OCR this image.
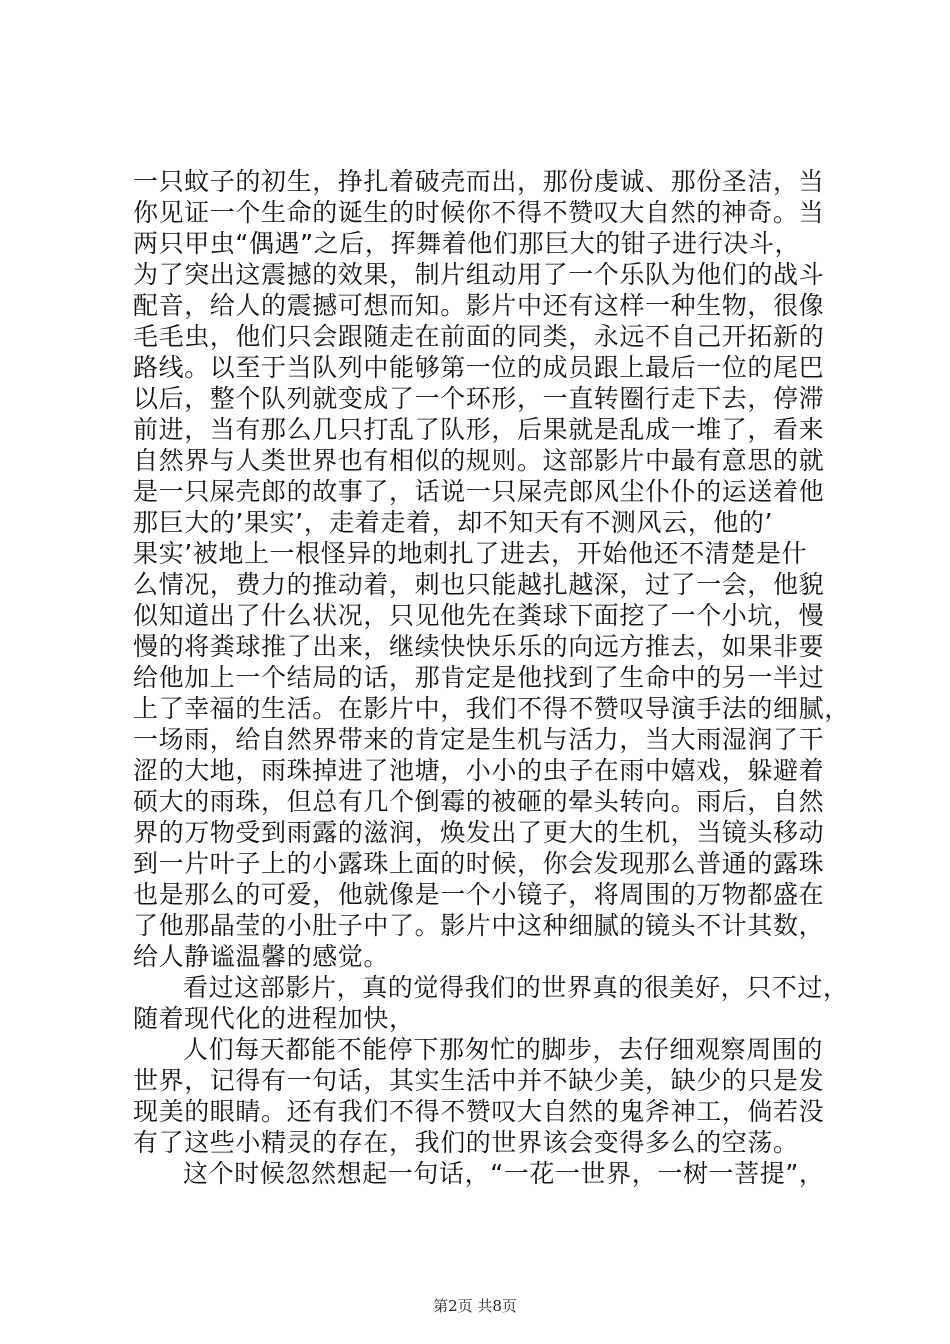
一只蚊子的初生，挣扎着破壳而出，那份虔诚、那份圣洁，当
你见证一个生命的诞生的时候你不得不赞叹大自然的神奇。当
两只甲虫“偶遇”之后，挥舞着他们那巨大的钳子进行决斗，
为了突出这震撼的效果，制片组动用了一个乐队为他们的战斗
配音，给人的震撼可想而知。影片中还有这样一种生物，很像
毛毛虫，他们只会跟随走在前面的同类，永远不自己开拓新的
路线。以至于当队列中能够第一位的成员跟上最后一位的尾巴
以后，整个队列就变成了一个环形，一直转圈行走下去，停滞
前进，当有那么几只打乱了队形，后果就是乱成一堆了，看来
自然界与人类世界也有相似的规则。这部影片中最有意思的就
是一只屎壳郎的故事了，话说一只屎壳郎风尘仆仆的运送着他
那巨大的’果实’，走着走着，却不知天有不测风云，他的’
果实’被地上一根怪异的地刺扎了进去，开始他还不清楚是什
么情况，费力的推动着，刺也只能越扎越深，过了一会，他貌
似知道出了什么状况，只见他先在粪球下面挖了一个小坑，慢
慢的将粪球推了出来，继续快快乐乐的向远方推去，如果非要
给他加上一个结局的话，那肯定是他找到了生命中的另一半过
上了幸福的生活。在影片中，我们不得不赞叹导演手法的细腻，
一场雨，给自然界带来的肯定是生机与活力，当大雨湿润了干
涩的大地，雨珠掉进了池塘，小小的虫子在雨中嬉戏，躲避着
硕大的雨珠，但总有几个倒霉的被砸的晕头转向。雨后，自然
界的万物受到雨露的滋润，焕发出了更大的生机，当镜头移动
到一片叶子上的小露珠上面的时候，你会发现那么普通的露珠
也是那么的可爱，他就像是一个小镜子，将周围的万物都盛在
了他那晶莹的小肚子中了。影片中这种细腻的镜头不计其数，
给人静谧温馨的感觉。
看过这部影片，真的觉得我们的世界真的很美好，只不过，
随着现代化的进程加快，
人们每天都能不能停下那匆忙的脚步，去仔细观察周围的
世界，记得有一句话，其实生活中并不缺少美，缺少的只是发
现美的眼睛。还有我们不得不赞叹大自然的鬼斧神工，倘若没
有了这些小精灵的存在，我们的世界该会变得多么的空荡。
这个时候忽然想起一句话，“一花一世界，一树一菩提”，
第2页 共8页
